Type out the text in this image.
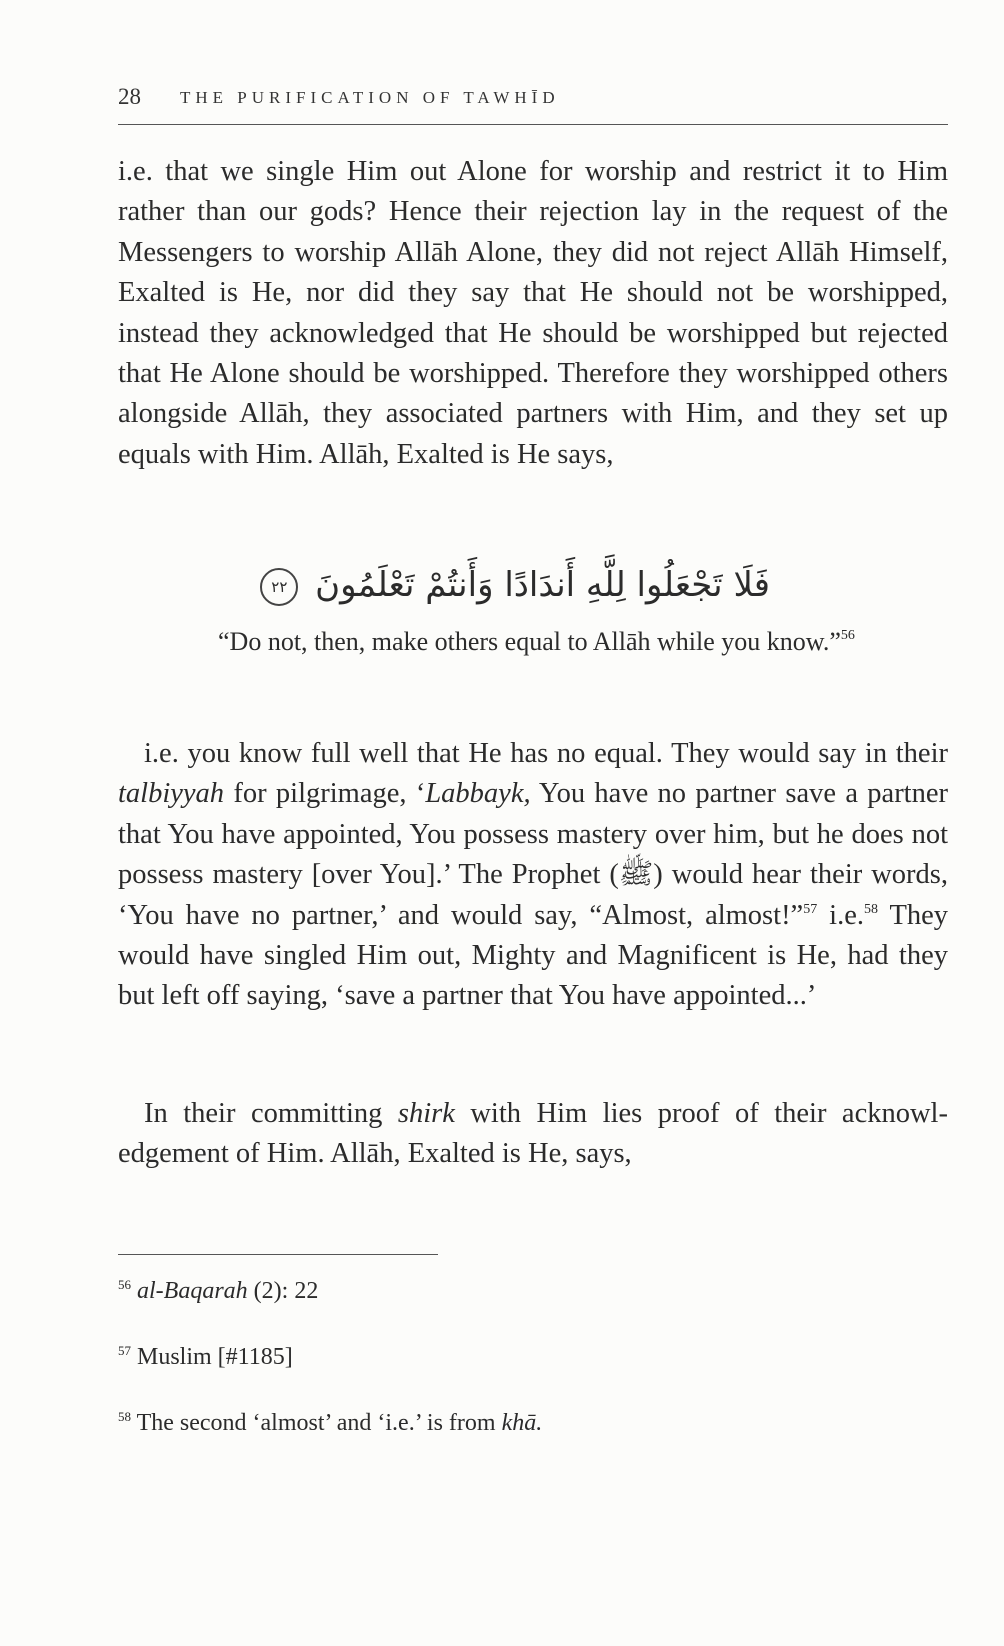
28 THE PURIFICATION OF TAWHĪD

i.e. that we single Him out Alone for worship and restrict it to Him rather than our gods? Hence their rejection lay in the request of the Messengers to worship Allāh Alone, they did not reject Allāh Himself, Exalted is He, nor did they say that He should not be worshipped, instead they acknowledged that He should be worshipped but rejected that He Alone should be worshipped. Therefore they worshipped others alongside Allāh, they associated partners with Him, and they set up equals with Him. Allāh, Exalted is He says,

فَلَا تَجْعَلُوا لِلَّهِ أَندَادًا وَأَنتُمْ تَعْلَمُونَ ٢٢

“Do not, then, make others equal to Allāh while you know.”$^{56}$

i.e. you know full well that He has no equal. They would say in their talbiyyah for pilgrimage, ‘Labbayk, You have no partner save a partner that You have appointed, You possess mastery over him, but he does not possess mastery [over You].’ The Prophet (ﷺ) would hear their words, ‘You have no partner,’ and would say, “Almost, almost!”$^{57}$ i.e.$^{58}$ They would have singled Him out, Mighty and Magnificent is He, had they but left off saying, ‘save a partner that You have appointed...’

In their committing shirk with Him lies proof of their acknowledgement of Him. Allāh, Exalted is He, says,

$^{56}$ al-Baqarah (2): 22

$^{57}$ Muslim [#1185]

$^{58}$ The second ‘almost’ and ‘i.e.’ is from khā.
